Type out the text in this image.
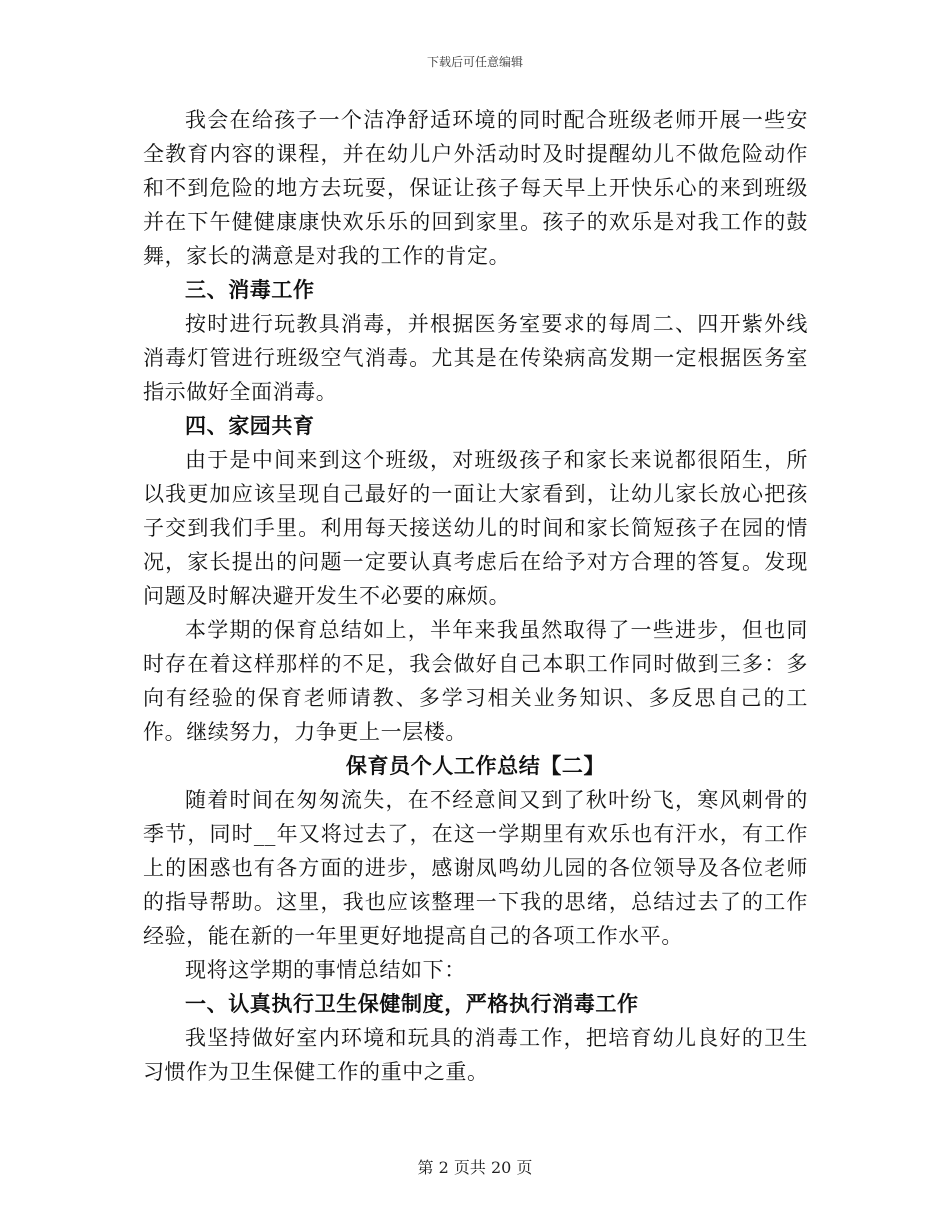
下载后可任意编辑

我会在给孩子一个洁净舒适环境的同时配合班级老师开展一些安全教育内容的课程，并在幼儿户外活动时及时提醒幼儿不做危险动作和不到危险的地方去玩耍，保证让孩子每天早上开快乐心的来到班级并在下午健健康康快欢乐乐的回到家里。孩子的欢乐是对我工作的鼓舞，家长的满意是对我的工作的肯定。

三、消毒工作

按时进行玩教具消毒，并根据医务室要求的每周二、四开紫外线消毒灯管进行班级空气消毒。尤其是在传染病高发期一定根据医务室指示做好全面消毒。

四、家园共育

由于是中间来到这个班级，对班级孩子和家长来说都很陌生，所以我更加应该呈现自己最好的一面让大家看到，让幼儿家长放心把孩子交到我们手里。利用每天接送幼儿的时间和家长简短孩子在园的情况，家长提出的问题一定要认真考虑后在给予对方合理的答复。发现问题及时解决避开发生不必要的麻烦。

本学期的保育总结如上，半年来我虽然取得了一些进步，但也同时存在着这样那样的不足，我会做好自己本职工作同时做到三多：多向有经验的保育老师请教、多学习相关业务知识、多反思自己的工作。继续努力，力争更上一层楼。

保育员个人工作总结【二】

随着时间在匆匆流失，在不经意间又到了秋叶纷飞，寒风刺骨的季节，同时__年又将过去了，在这一学期里有欢乐也有汗水，有工作上的困惑也有各方面的进步，感谢凤鸣幼儿园的各位领导及各位老师的指导帮助。这里，我也应该整理一下我的思绪，总结过去了的工作经验，能在新的一年里更好地提高自己的各项工作水平。

现将这学期的事情总结如下：

一、认真执行卫生保健制度，严格执行消毒工作

我坚持做好室内环境和玩具的消毒工作，把培育幼儿良好的卫生习惯作为卫生保健工作的重中之重。

第 2 页共 20 页
